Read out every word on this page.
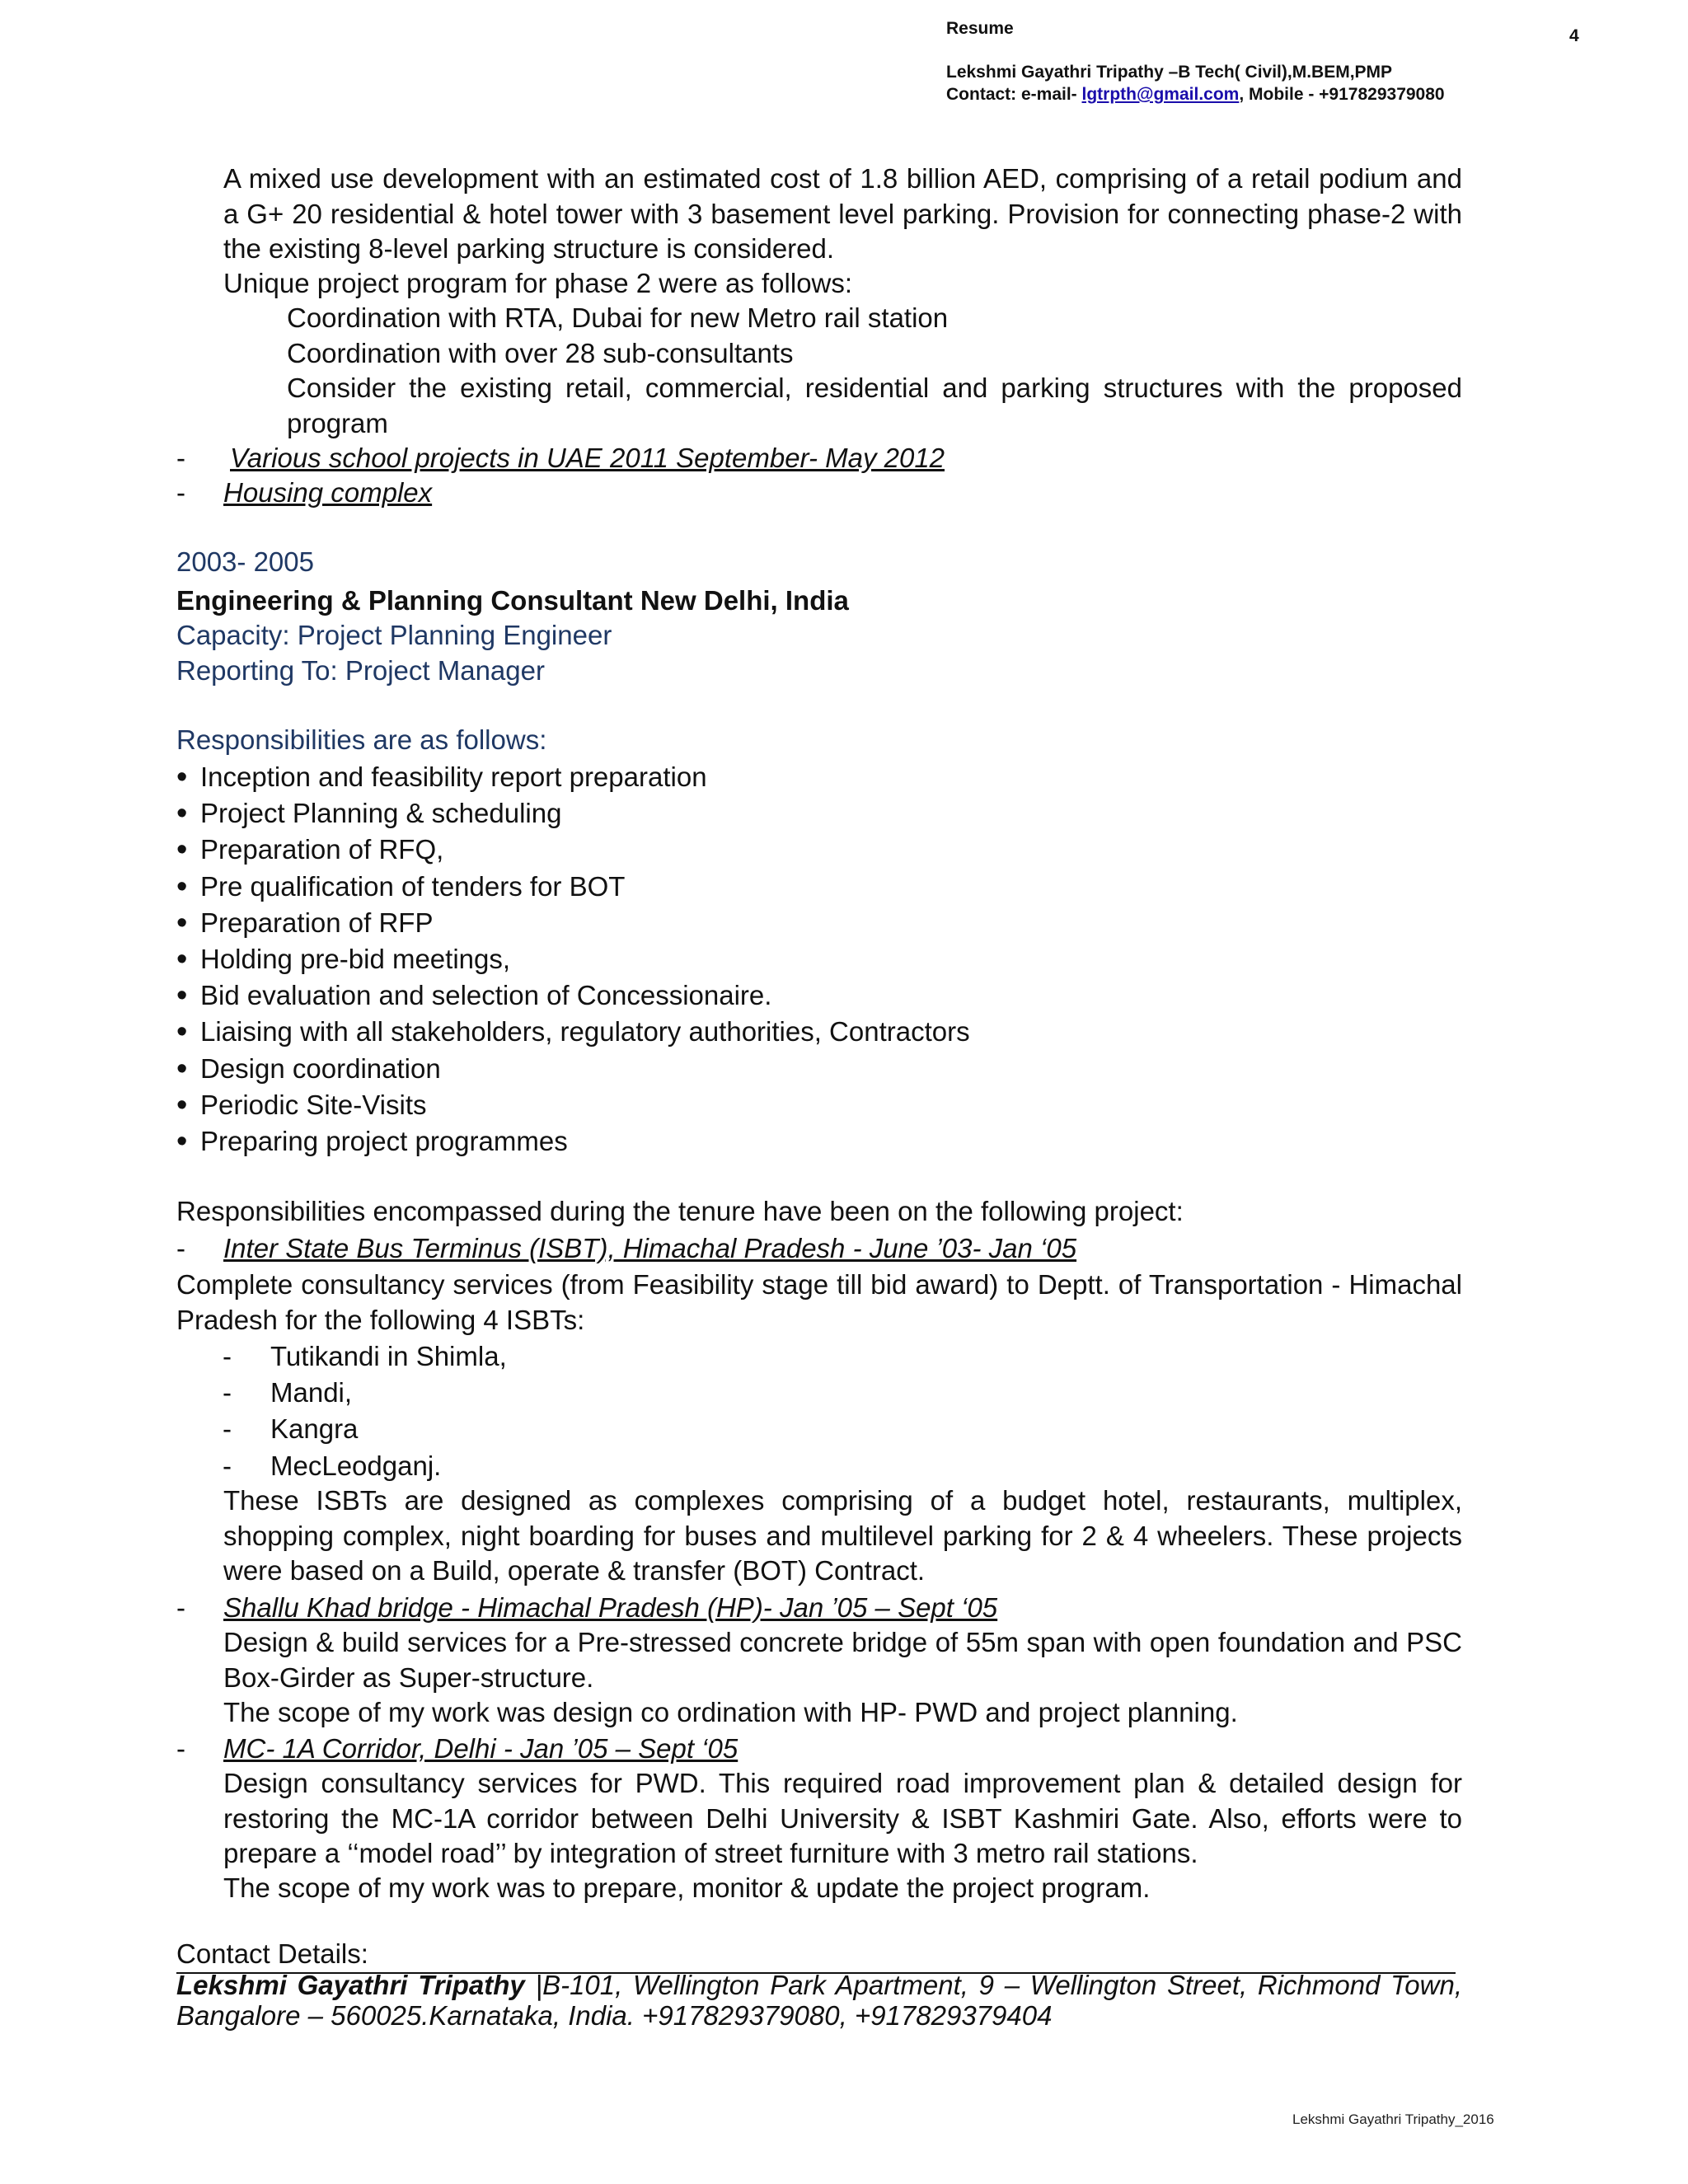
Resume	4
Lekshmi Gayathri Tripathy –B Tech( Civil),M.BEM,PMP
Contact: e-mail- lgtrpth@gmail.com, Mobile - +917829379080
A mixed use development with an estimated cost of 1.8 billion AED, comprising of a retail podium and a G+ 20 residential & hotel tower with 3 basement level parking. Provision for connecting phase-2 with the existing 8-level parking structure is considered.
Unique project program for phase 2 were as follows:
Coordination with RTA, Dubai for new Metro rail station
Coordination with over 28 sub-consultants
Consider the existing retail, commercial, residential and parking structures with the proposed program
- Various school projects in UAE 2011 September- May 2012
- Housing complex
2003- 2005
Engineering & Planning Consultant New Delhi, India
Capacity: Project Planning Engineer
Reporting To: Project Manager
Responsibilities are as follows:
• Inception and feasibility report preparation
• Project Planning & scheduling
• Preparation of RFQ,
• Pre qualification of tenders for BOT
• Preparation of RFP
• Holding pre-bid meetings,
• Bid evaluation and selection of Concessionaire.
• Liaising with all stakeholders, regulatory authorities, Contractors
• Design coordination
• Periodic Site-Visits
• Preparing project programmes
Responsibilities encompassed during the tenure have been on the following project:
- Inter State Bus Terminus (ISBT), Himachal Pradesh - June ’03- Jan ‘05
Complete consultancy services (from Feasibility stage till bid award) to Deptt. of Transportation - Himachal Pradesh for the following 4 ISBTs:
- Tutikandi in Shimla,
- Mandi,
- Kangra
- MecLeodganj.
These ISBTs are designed as complexes comprising of a budget hotel, restaurants, multiplex, shopping complex, night boarding for buses and multilevel parking for 2 & 4 wheelers. These projects were based on a Build, operate & transfer (BOT) Contract.
- Shallu Khad bridge - Himachal Pradesh (HP)- Jan ’05 – Sept ‘05
Design & build services for a Pre-stressed concrete bridge of 55m span with open foundation and PSC Box-Girder as Super-structure.
The scope of my work was design co ordination with HP- PWD and project planning.
- MC- 1A Corridor, Delhi - Jan ’05 – Sept ‘05
Design consultancy services for PWD. This required road improvement plan & detailed design for restoring the MC-1A corridor between Delhi University & ISBT Kashmiri Gate. Also, efforts were to prepare a ‘‘model road’’ by integration of street furniture with 3 metro rail stations.
The scope of my work was to prepare, monitor & update the project program.
Contact Details:
Lekshmi Gayathri Tripathy |B-101, Wellington Park Apartment, 9 – Wellington Street, Richmond Town, Bangalore – 560025.Karnataka, India. +917829379080, +917829379404
Lekshmi Gayathri Tripathy_2016
